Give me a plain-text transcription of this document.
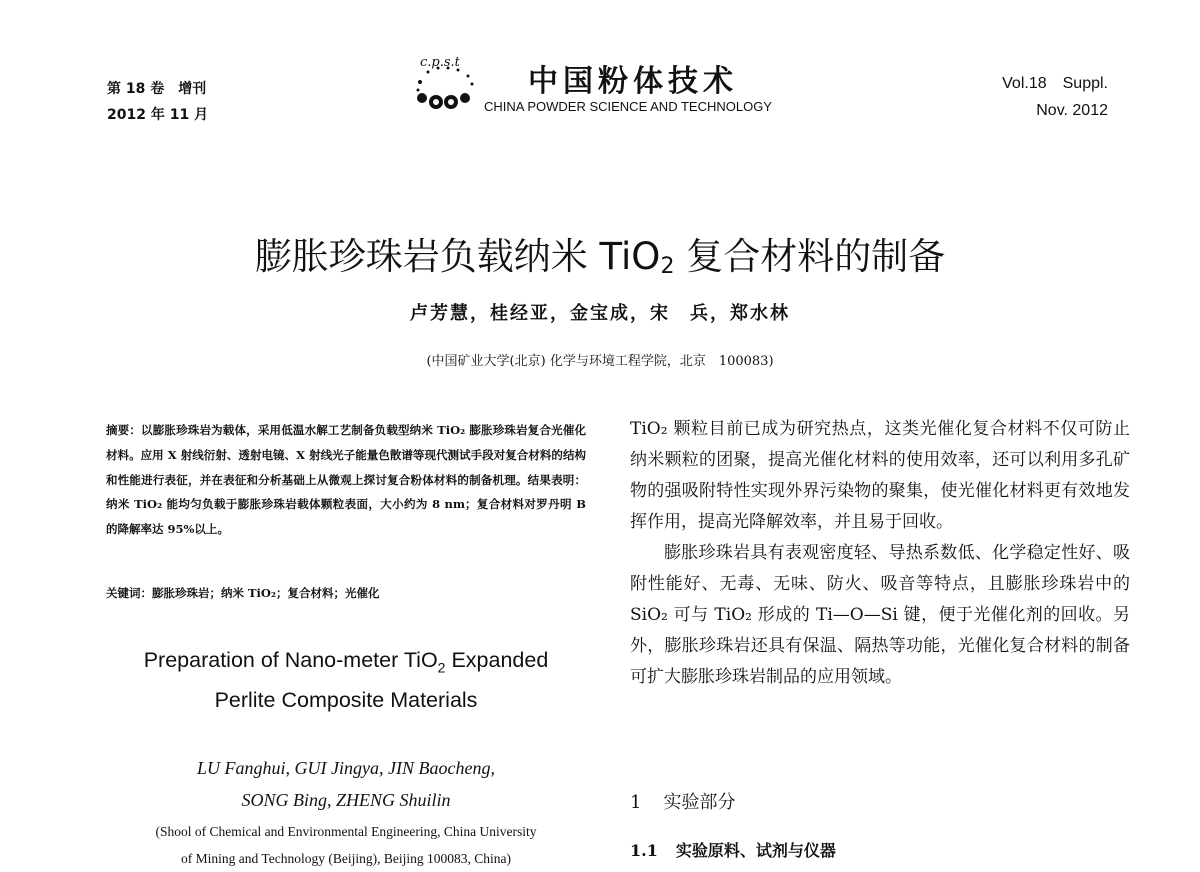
第 18 卷　增刊
2012 年 11 月
c.p.s.t
中国粉体技术
CHINA POWDER SCIENCE AND TECHNOLOGY
Vol.18　Suppl.
Nov. 2012
膨胀珍珠岩负载纳米 TiO$_2$ 复合材料的制备
卢芳慧，桂经亚，金宝成，宋　兵，郑水林
(中国矿业大学(北京) 化学与环境工程学院，北京　100083)
摘要：以膨胀珍珠岩为载体，采用低温水解工艺制备负载型纳米 TiO₂ 膨胀珍珠岩复合光催化材料。应用 X 射线衍射、透射电镜、X 射线光子能量色散谱等现代测试手段对复合材料的结构和性能进行表征，并在表征和分析基础上从微观上探讨复合粉体材料的制备机理。结果表明：纳米 TiO₂ 能均匀负载于膨胀珍珠岩载体颗粒表面，大小约为 8 nm；复合材料对罗丹明 B 的降解率达 95%以上。
关键词：膨胀珍珠岩；纳米 TiO₂；复合材料；光催化
Preparation of Nano-meter TiO$_2$ Expanded
Perlite Composite Materials
LU Fanghui, GUI Jingya, JIN Baocheng,
SONG Bing, ZHENG Shuilin
(Shool of Chemical and Environmental Engineering, China University
of Mining and Technology (Beijing), Beijing 100083, China)

TiO₂ 颗粒目前已成为研究热点，这类光催化复合材料不仅可防止纳米颗粒的团聚，提高光催化材料的使用效率，还可以利用多孔矿物的强吸附特性实现外界污染物的聚集，使光催化材料更有效地发挥作用，提高光降解效率，并且易于回收。

膨胀珍珠岩具有表观密度轻、导热系数低、化学稳定性好、吸附性能好、无毒、无味、防火、吸音等特点，且膨胀珍珠岩中的 SiO₂ 可与 TiO₂ 形成的 Ti—O—Si 键，便于光催化剂的回收。另外，膨胀珍珠岩还具有保温、隔热等功能，光催化复合材料的制备可扩大膨胀珍珠岩制品的应用领域。

1 实验部分
1.1 实验原料、试剂与仪器
